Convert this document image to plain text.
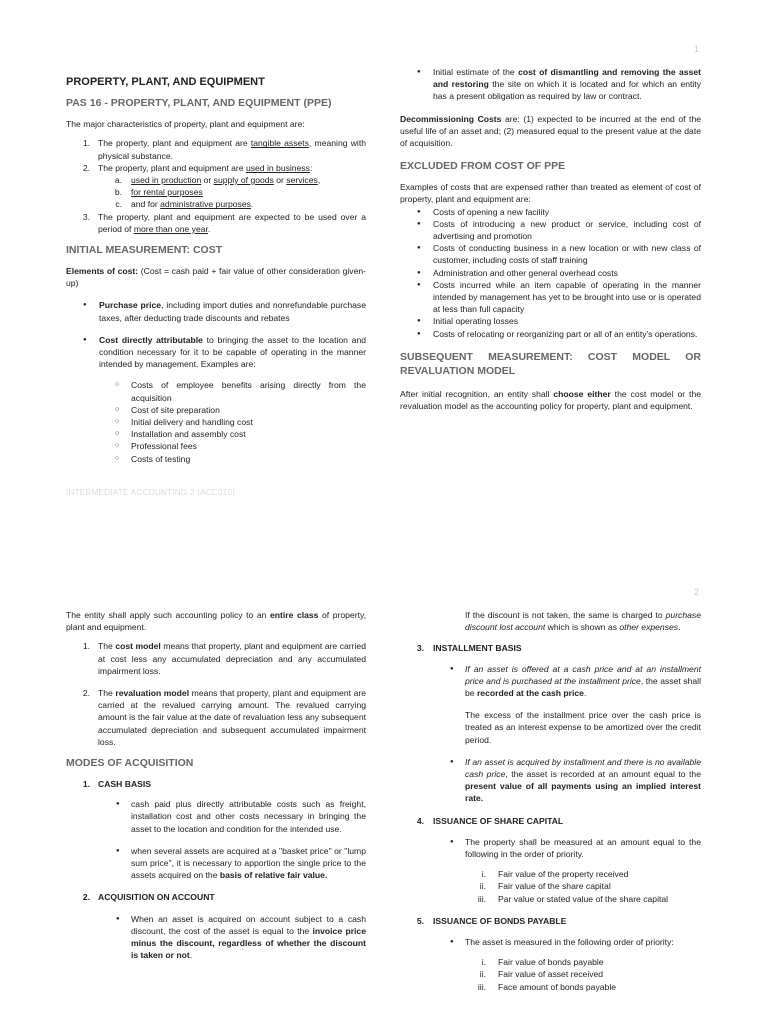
1

PROPERTY, PLANT, AND EQUIPMENT

PAS 16 - PROPERTY, PLANT, AND EQUIPMENT (PPE)

The major characteristics of property, plant and equipment are:

1. The property, plant and equipment are tangible assets, meaning with physical substance.
2. The property, plant and equipment are used in business:
a. used in production or supply of goods or services,
b. for rental purposes
c. and for administrative purposes.
3. The property, plant and equipment are expected to be used over a period of more than one year.

INITIAL MEASUREMENT: COST

Elements of cost: (Cost = cash paid + fair value of other consideration given-up)

● Purchase price, including import duties and nonrefundable purchase taxes, after deducting trade discounts and rebates
● Cost directly attributable to bringing the asset to the location and condition necessary for it to be capable of operating in the manner intended by management. Examples are:
○ Costs of employee benefits arising directly from the acquisition
○ Cost of site preparation
○ Initial delivery and handling cost
○ Installation and assembly cost
○ Professional fees
○ Costs of testing
● Initial estimate of the cost of dismantling and removing the asset and restoring the site on which it is located and for which an entity has a present obligation as required by law or contract.

Decommissioning Costs are: (1) expected to be incurred at the end of the useful life of an asset and; (2) measured equal to the present value at the date of acquisition.

EXCLUDED FROM COST OF PPE

Examples of costs that are expensed rather than treated as element of cost of property, plant and equipment are:

● Costs of opening a new facility
● Costs of introducing a new product or service, including cost of advertising and promotion
● Costs of conducting business in a new location or with new class of customer, including costs of staff training
● Administration and other general overhead costs
● Costs incurred while an item capable of operating in the manner intended by management has yet to be brought into use or is operated at less than full capacity
● Initial operating losses
● Costs of relocating or reorganizing part or all of an entity's operations.

SUBSEQUENT MEASUREMENT: COST MODEL OR REVALUATION MODEL

After initial recognition, an entity shall choose either the cost model or the revaluation model as the accounting policy for property, plant and equipment.

INTERMEDIATE ACCOUNTING 2 (ACC010)
2

The entity shall apply such accounting policy to an entire class of property, plant and equipment.

1. The cost model means that property, plant and equipment are carried at cost less any accumulated depreciation and any accumulated impairment loss.
2. The revaluation model means that property, plant and equipment are carried at the revalued carrying amount. The revalued carrying amount is the fair value at the date of revaluation less any subsequent accumulated depreciation and subsequent accumulated impairment loss.

MODES OF ACQUISITION

1. CASH BASIS
● cash paid plus directly attributable costs such as freight, installation cost and other costs necessary in bringing the asset to the location and condition for the intended use.
● when several assets are acquired at a "basket price" or "lump sum price", it is necessary to apportion the single price to the assets acquired on the basis of relative fair value.
2. ACQUISITION ON ACCOUNT
● When an asset is acquired on account subject to a cash discount, the cost of the asset is equal to the invoice price minus the discount, regardless of whether the discount is taken or not.

If the discount is not taken, the same is charged to purchase discount lost account which is shown as other expenses.

3. INSTALLMENT BASIS
● If an asset is offered at a cash price and at an installment price and is purchased at the installment price, the asset shall be recorded at the cash price.

The excess of the installment price over the cash price is treated as an interest expense to be amortized over the credit period.

● If an asset is acquired by installment and there is no available cash price, the asset is recorded at an amount equal to the present value of all payments using an implied interest rate.
4. ISSUANCE OF SHARE CAPITAL
● The property shall be measured at an amount equal to the following in the order of priority.
i. Fair value of the property received
ii. Fair value of the share capital
iii. Par value or stated value of the share capital
5. ISSUANCE OF BONDS PAYABLE
● The asset is measured in the following order of priority:
i. Fair value of bonds payable
ii. Fair value of asset received
iii. Face amount of bonds payable
